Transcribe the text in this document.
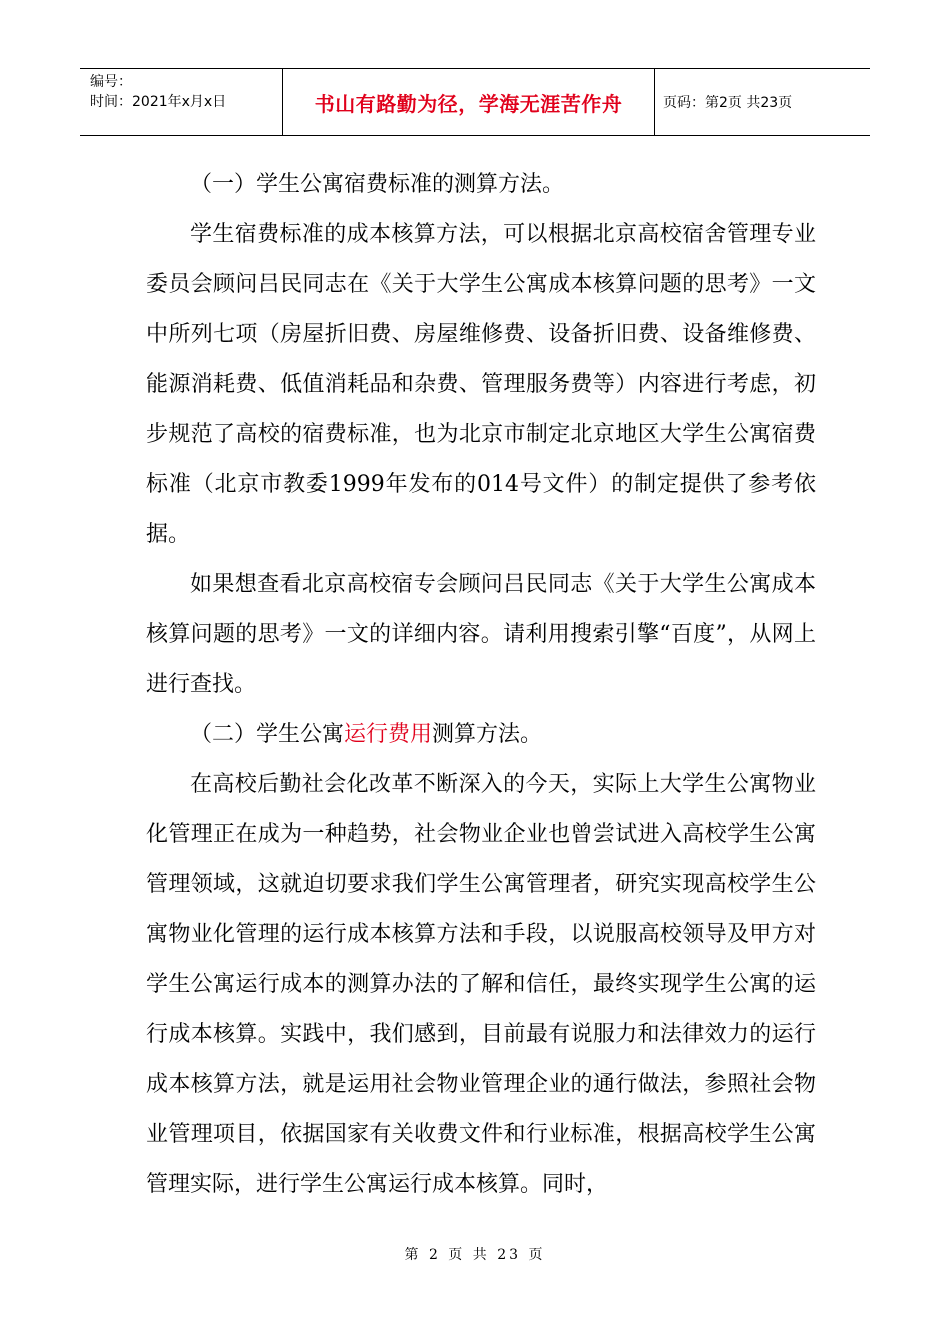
编号：
时间：2021年x月x日	书山有路勤为径，学海无涯苦作舟	页码：第2页 共23页

（一）学生公寓宿费标准的测算方法。

学生宿费标准的成本核算方法，可以根据北京高校宿舍管理专业委员会顾问吕民同志在《关于大学生公寓成本核算问题的思考》一文中所列七项（房屋折旧费、房屋维修费、设备折旧费、设备维修费、能源消耗费、低值消耗品和杂费、管理服务费等）内容进行考虑，初步规范了高校的宿费标准，也为北京市制定北京地区大学生公寓宿费标准（北京市教委1999年发布的014号文件）的制定提供了参考依据。

如果想查看北京高校宿专会顾问吕民同志《关于大学生公寓成本核算问题的思考》一文的详细内容。请利用搜索引擎“百度”，从网上进行查找。

（二）学生公寓运行费用测算方法。

在高校后勤社会化改革不断深入的今天，实际上大学生公寓物业化管理正在成为一种趋势，社会物业企业也曾尝试进入高校学生公寓管理领域，这就迫切要求我们学生公寓管理者，研究实现高校学生公寓物业化管理的运行成本核算方法和手段，以说服高校领导及甲方对学生公寓运行成本的测算办法的了解和信任，最终实现学生公寓的运行成本核算。实践中，我们感到，目前最有说服力和法律效力的运行成本核算方法，就是运用社会物业管理企业的通行做法，参照社会物业管理项目，依据国家有关收费文件和行业标准，根据高校学生公寓管理实际，进行学生公寓运行成本核算。同时，

第 2 页 共 23 页
